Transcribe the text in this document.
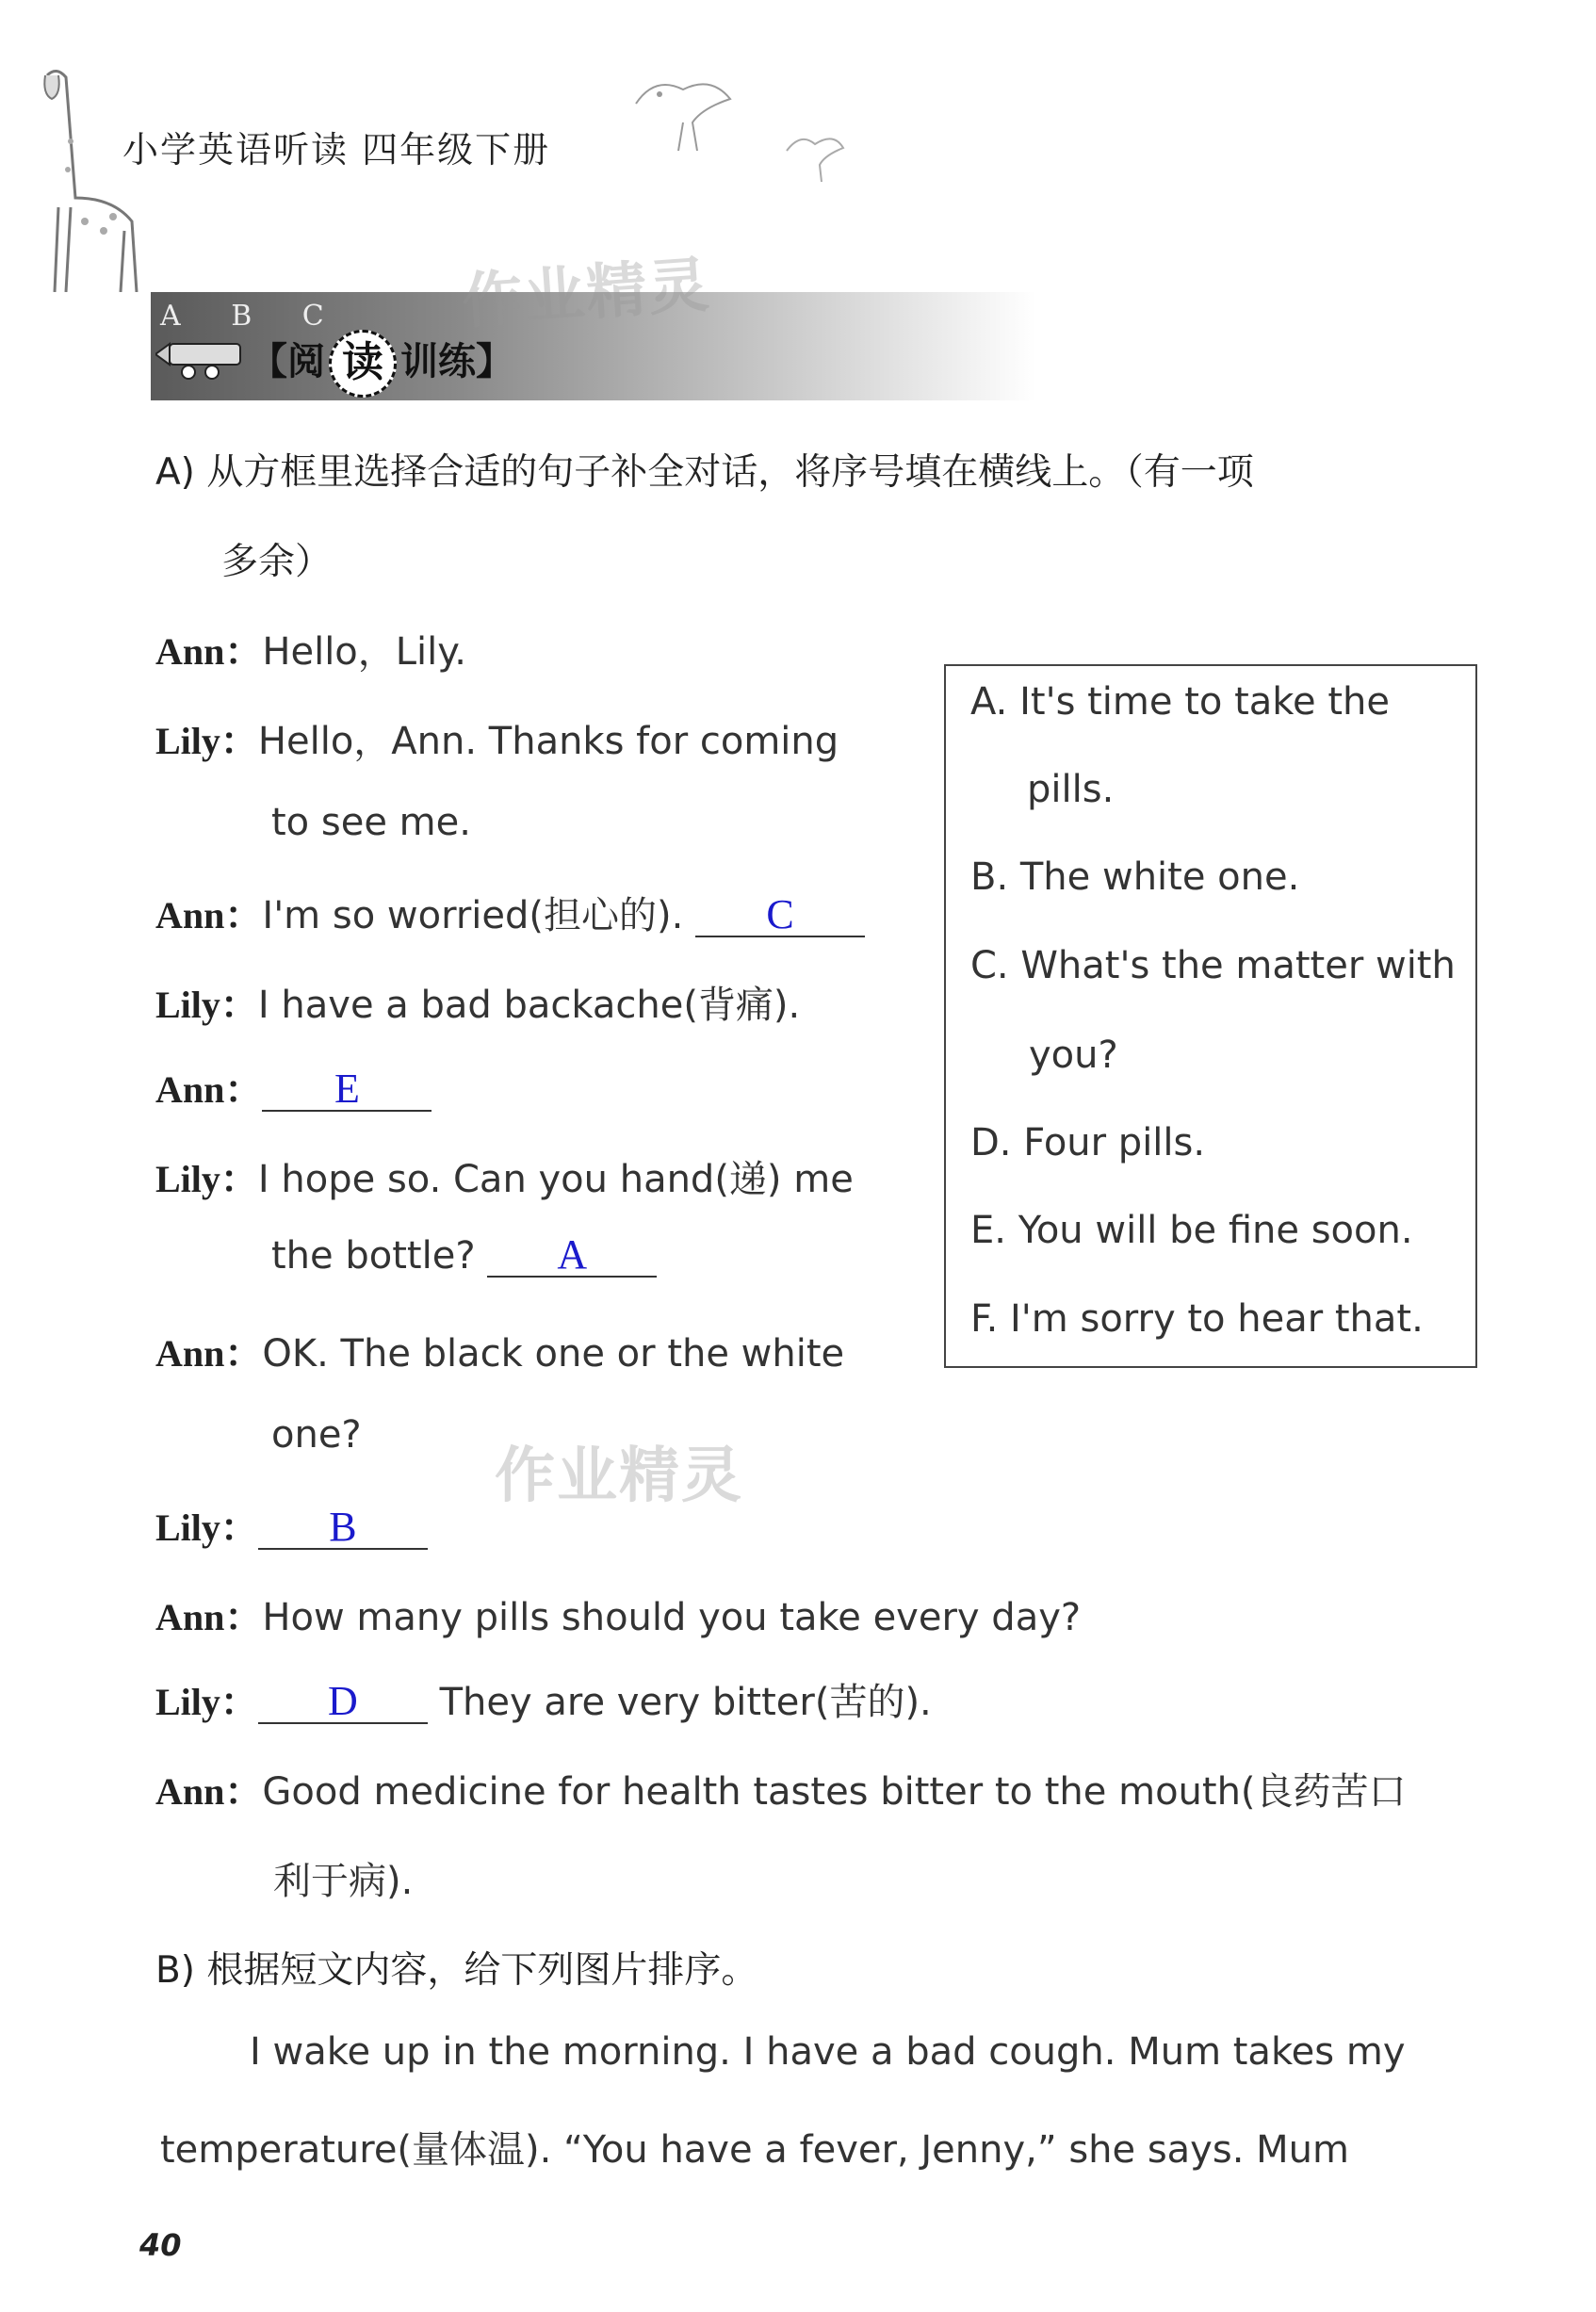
小学英语听读 四年级下册
A B C
【阅 读 训练】
作业精灵
作业精灵
A) 从方框里选择合适的句子补全对话，将序号填在横线上。（有一项
多余）
Ann：Hello，Lily.
Lily：Hello，Ann. Thanks for coming
to see me.
Ann：I'm so worried(担心的). C
Lily：I have a bad backache(背痛).
Ann： E
Lily：I hope so. Can you hand(递) me
the bottle? A
Ann：OK. The black one or the white
one?
Lily： B
Ann：How many pills should you take every day?
Lily： D They are very bitter(苦的).
Ann：Good medicine for health tastes bitter to the mouth(良药苦口
利于病).
A. It's time to take the
pills.
B. The white one.
C. What's the matter with
you?
D. Four pills.
E. You will be fine soon.
F. I'm sorry to hear that.
B) 根据短文内容，给下列图片排序。
I wake up in the morning. I have a bad cough. Mum takes my
temperature(量体温). “You have a fever, Jenny,” she says. Mum
40
